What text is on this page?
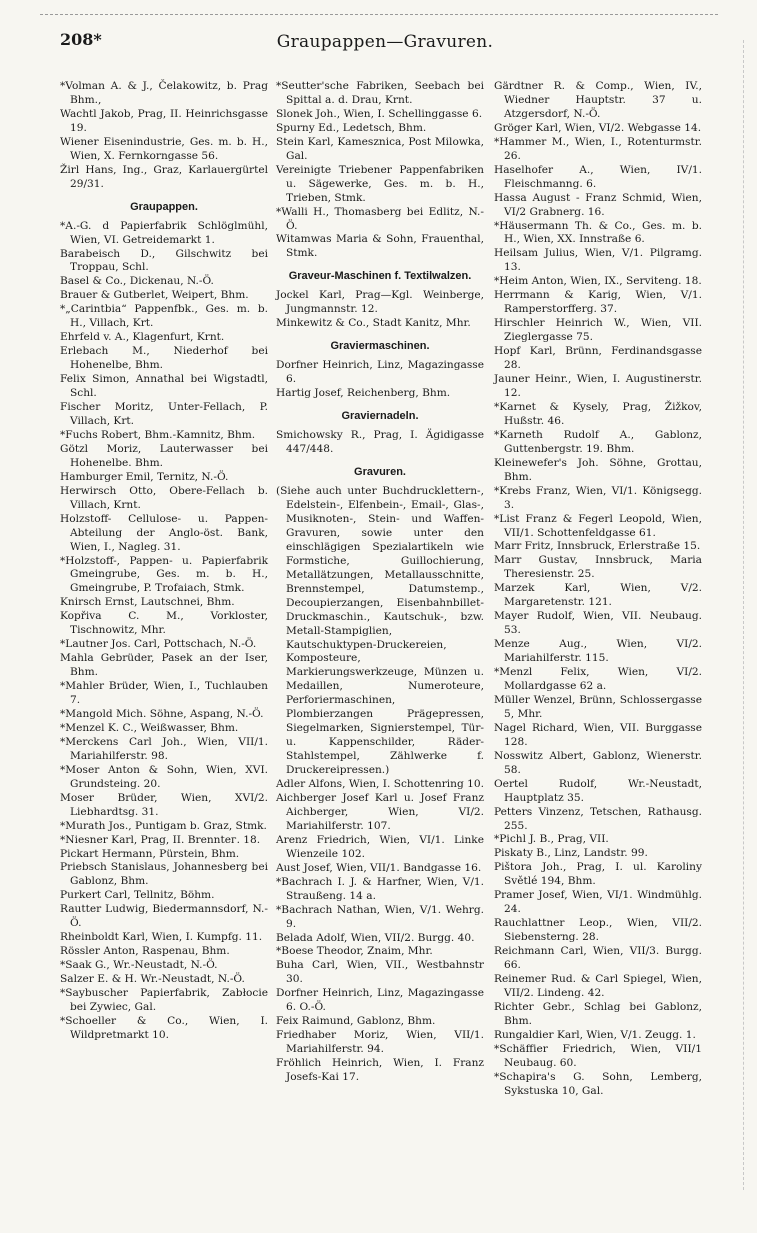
208*	Graupappen—Gravuren.
*Volman A. & J., Čelakowitz, b. Prag Bhm.,
Wachtl Jakob, Prag, II. Heinrichsgasse 19.
Wiener Eisenindustrie, Ges. m. b. H., Wien, X. Fernkorngasse 56.
Žirl Hans, Ing., Graz, Karlauergürtel 29/31.
Graupappen.
*A.-G. d Papierfabrik Schlöglmühl, Wien, VI. Getreidemarkt 1.
Barabeisch D., Gilschwitz bei Troppau, Schl.
Basel & Co., Dickenau, N.-Ö.
Brauer & Gutberlet, Weipert, Bhm.
*„Carintbia“ Pappenfbk., Ges. m. b. H., Villach, Krt.
Ehrfeld v. A., Klagenfurt, Krnt.
Erlebach M., Niederhof bei Hohenelbe, Bhm.
Felix Simon, Annathal bei Wigstadtl, Schl.
Fischer Moritz, Unter-Fellach, P. Villach, Krt.
*Fuchs Robert, Bhm.-Kamnitz, Bhm.
Götzl Moriz, Lauterwasser bei Hohenelbe. Bhm.
Hamburger Emil, Ternitz, N.-Ö.
Herwirsch Otto, Obere-Fellach b. Villach, Krnt.
Holzstoff- Cellulose- u. Pappen-Abteilung der Anglo-öst. Bank, Wien, I., Nagleg. 31.
*Holzstoff-, Pappen- u. Papierfabrik Gmeingrube, Ges. m. b. H., Gmeingrube, P. Trofaiach, Stmk.
Knirsch Ernst, Lautschnei, Bhm.
Kopřiva C. M., Vorkloster, Tischnowitz, Mhr.
*Lautner Jos. Carl, Pottschach, N.-Ö.
Mahla Gebrüder, Pasek an der Iser, Bhm.
*Mahler Brüder, Wien, I., Tuchlauben 7.
*Mangold Mich. Söhne, Aspang, N.-Ö.
*Menzel K. C., Weißwasser, Bhm.
*Merckens Carl Joh., Wien, VII/1. Mariahilferstr. 98.
*Moser Anton & Sohn, Wien, XVI. Grundsteing. 20.
Moser Brüder, Wien, XVI/2. Liebhardtsg. 31.
*Murath Jos., Puntigam b. Graz, Stmk.
*Niesner Karl, Prag, II. Brenntег. 18.
Pickart Hermann, Pürstein, Bhm.
Priebsch Stanislaus, Johannesberg bei Gablonz, Bhm.
Purkert Carl, Tellnitz, Böhm.
Rautter Ludwig, Biedermannsdorf, N.-Ö.
Rheinboldt Karl, Wien, I. Kumpfg. 11.
Rössler Anton, Raspenau, Bhm.
*Saak G., Wr.-Neustadt, N.-Ö.
Salzer E. & H. Wr.-Neustadt, N.-Ö.
*Saybuscher Papierfabrik, Zabłocie bei Zywiec, Gal.
*Schoeller & Co., Wien, I. Wildpretmarkt 10.
*Seutter'sche Fabriken, Seebach bei Spittal a. d. Drau, Krnt.
Slonek Joh., Wien, I. Schellinggasse 6.
Spurny Ed., Ledetsch, Bhm.
Stein Karl, Kamesznica, Post Milowka, Gal.
Vereinigte Triebener Pappenfabriken u. Sägewerke, Ges. m. b. H., Trieben, Stmk.
*Walli H., Thomasberg bei Edlitz, N.-Ö.
Witamwas Maria & Sohn, Frauenthal, Stmk.
Graveur-Maschinen f. Textilwalzen.
Jockel Karl, Prag—Kgl. Weinberge, Jungmannstr. 12.
Minkewitz & Co., Stadt Kanitz, Mhr.
Graviermaschinen.
Dorfner Heinrich, Linz, Magazingasse 6.
Hartig Josef, Reichenberg, Bhm.
Graviernadeln.
Smichowsky R., Prag, I. Ägidigasse 447/448.
Gravuren.
(Siehe auch unter Buchdrucklettern-, Edelstein-, Elfenbein-, Email-, Glas-, Musiknoten-, Stein- und Waffen-Gravuren, sowie unter den einschlägigen Spezialartikeln wie Formstiche, Guillochierung, Metallätzungen, Metallausschnitte, Brennstempel, Datumstemp., Decoupierzangen, Eisenbahnbillet-Druckmaschin., Kautschuk-, bzw. Metall-Stampiglien, Kautschuktypen-Druckereien, Komposteure, Markierungswerkzeuge, Münzen u. Medaillen, Numeroteure, Perforiermaschinen, Plombierzangen Prägepressen, Siegelmarken, Signierstempel, Tür- u. Kappenschilder, Räder-Stahlstempel, Zählwerke f. Druckereipressen.)
Adler Alfons, Wien, I. Schottenring 10.
Aichberger Josef Karl u. Josef Franz Aichberger, Wien, VI/2. Mariahilferstr. 107.
Arenz Friedrich, Wien, VI/1. Linke Wienzeile 102.
Aust Josef, Wien, VII/1. Bandgasse 16.
*Bachrach I. J. & Harfner, Wien, V/1. Straußeng. 14 a.
*Bachrach Nathan, Wien, V/1. Wehrg. 9.
Belada Adolf, Wien, VII/2. Burgg. 40.
*Boese Theodor, Znaim, Mhr.
Buha Carl, Wien, VII., Westbahnstr 30.
Dorfner Heinrich, Linz, Magazingasse 6. O.-Ö.
Feix Raimund, Gablonz, Bhm.
Friedhaber Moriz, Wien, VII/1. Mariahilferstr. 94.
Fröhlich Heinrich, Wien, I. Franz Josefs-Kai 17.
Gärdtner R. & Comp., Wien, IV., Wiedner Hauptstr. 37 u. Atzgersdorf, N.-Ö.
Gröger Karl, Wien, VI/2. Webgasse 14.
*Hammer M., Wien, I., Rotenturmstr. 26.
Haselhofer A., Wien, IV/1. Fleischmanng. 6.
Hassa August - Franz Schmid, Wien, VI/2 Grabnerg. 16.
*Häusermann Th. & Co., Ges. m. b. H., Wien, XX. Innstraße 6.
Heilsam Julius, Wien, V/1. Pilgramg. 13.
*Heim Anton, Wien, IX., Serviteng. 18.
Herrmann & Karig, Wien, V/1. Ramperstorfferg. 37.
Hirschler Heinrich W., Wien, VII. Zieglergasse 75.
Hopf Karl, Brünn, Ferdinandsgasse 28.
Jauner Heinr., Wien, I. Augustinerstr. 12.
*Karnet & Kysely, Prag, Žižkov, Hußstr. 46.
*Karneth Rudolf A., Gablonz, Guttenbergstr. 19. Bhm.
Kleinewefer's Joh. Söhne, Grottau, Bhm.
*Krebs Franz, Wien, VI/1. Königsegg. 3.
*List Franz & Fegerl Leopold, Wien, VII/1. Schottenfeldgasse 61.
Marr Fritz, Innsbruck, Erlerstraße 15.
Marr Gustav, Innsbruck, Maria Theresienstr. 25.
Marzek Karl, Wien, V/2. Margaretenstr. 121.
Mayer Rudolf, Wien, VII. Neubaug. 53.
Menze Aug., Wien, VI/2. Mariahilferstr. 115.
*Menzl Felix, Wien, VI/2. Mollardgasse 62 a.
Müller Wenzel, Brünn, Schlossergasse 5, Mhr.
Nagel Richard, Wien, VII. Burggasse 128.
Nosswitz Albert, Gablonz, Wienerstr. 58.
Oertel Rudolf, Wr.-Neustadt, Hauptplatz 35.
Petters Vinzenz, Tetschen, Rathausg. 255.
*Pichl J. B., Prag, VII.
Piskaty B., Linz, Landstr. 99.
Pištora Joh., Prag, I. ul. Karoliny Světlé 194, Bhm.
Pramer Josef, Wien, VI/1. Windmühlg. 24.
Rauchlattner Leop., Wien, VII/2. Siebensterng. 28.
Reichmann Carl, Wien, VII/3. Burgg. 66.
Reinemer Rud. & Carl Spiegel, Wien, VII/2. Lindeng. 42.
Richter Gebr., Schlag bei Gablonz, Bhm.
Rungaldier Karl, Wien, V/1. Zeugg. 1.
*Schäffier Friedrich, Wien, VII/1 Neubaug. 60.
*Schapira's G. Sohn, Lemberg, Sykstuska 10, Gal.
